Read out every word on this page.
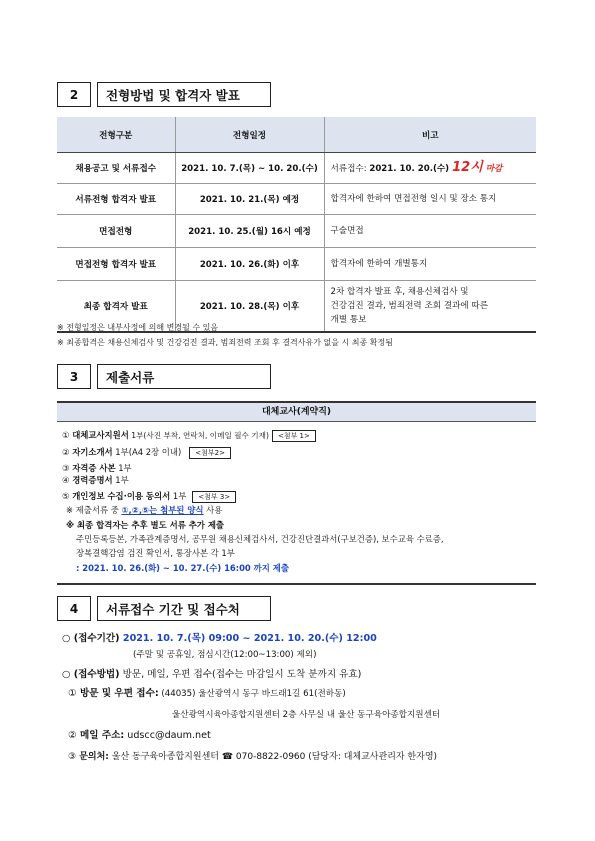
2	전형방법 및 합격자 발표
전형구분	전형일정	비고
채용공고 및 서류접수	2021. 10. 7.(목) ~ 10. 20.(수)	서류접수: 2021. 10. 20.(수) 12시 마감
서류전형 합격자 발표	2021. 10. 21.(목) 예정	합격자에 한하여 면접전형 일시 및 장소 통지
면접전형	2021. 10. 25.(월) 16시 예정	구술면접
면접전형 합격자 발표	2021. 10. 26.(화) 이후	합격자에 한하여 개별통지
최종 합격자 발표	2021. 10. 28.(목) 이후	2차 합격자 발표 후, 채용신체검사 및
건강검진 결과, 범죄전력 조회 결과에 따른
개별 통보
※ 전형일정은 내부사정에 의해 변경될 수 있음
※ 최종합격은 채용신체검사 및 건강검진 결과, 범죄전력 조회 후 결격사유가 없을 시 최종 확정됨
3	제출서류
대체교사(계약직)
① 대체교사지원서 1부(사진 부착, 연락처, 이메일 필수 기재) <첨부 1>
② 자기소개서 1부(A4 2장 이내) <첨부2>
③ 자격증 사본 1부
④ 경력증명서 1부
⑤ 개인정보 수집·이용 동의서 1부 <첨부 3>
※ 제출서류 중 ①,②,⑤는 첨부된 양식 사용
※ 최종 합격자는 추후 별도 서류 추가 제출
주민등록등본, 가족관계증명서, 공무원 채용신체검사서, 건강진단결과서(구보건증), 보수교육 수료증,
장복결핵감염 검진 확인서, 통장사본 각 1부
: 2021. 10. 26.(화) ~ 10. 27.(수) 16:00 까지 제출
4	서류접수 기간 및 접수처
○ (접수기간) 2021. 10. 7.(목) 09:00 ~ 2021. 10. 20.(수) 12:00
(주말 및 공휴일, 점심시간(12:00~13:00) 제외)
○ (접수방법) 방문, 메일, 우편 접수(접수는 마감일시 도착 분까지 유효)
① 방문 및 우편 접수: (44035) 울산광역시 동구 바드래1길 61(전하동)
울산광역시육아종합지원센터 2층 사무실 내 울산 동구육아종합지원센터
② 메일 주소: udscc@daum.net
③ 문의처: 울산 동구육아종합지원센터 ☎ 070-8822-0960 (담당자: 대체교사관리자 한자영)
